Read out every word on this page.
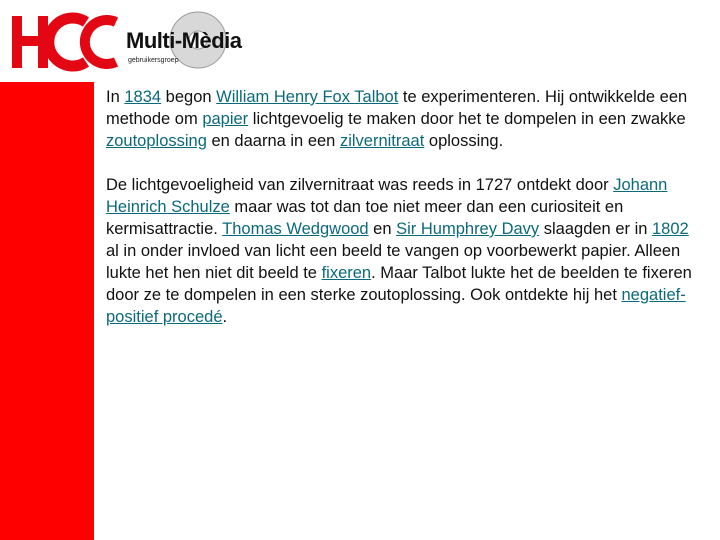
Multi-Mèdia
gebruikersgroep

In 1834 begon William Henry Fox Talbot te experimenteren. Hij ontwikkelde een methode om papier lichtgevoelig te maken door het te dompelen in een zwakke zoutoplossing en daarna in een zilvernitraat oplossing.

De lichtgevoeligheid van zilvernitraat was reeds in 1727 ontdekt door Johann Heinrich Schulze maar was tot dan toe niet meer dan een curiositeit en kermisattractie. Thomas Wedgwood en Sir Humphrey Davy slaagden er in 1802 al in onder invloed van licht een beeld te vangen op voorbewerkt papier. Alleen lukte het hen niet dit beeld te fixeren. Maar Talbot lukte het de beelden te fixeren door ze te dompelen in een sterke zoutoplossing. Ook ontdekte hij het negatief-positief procedé.
